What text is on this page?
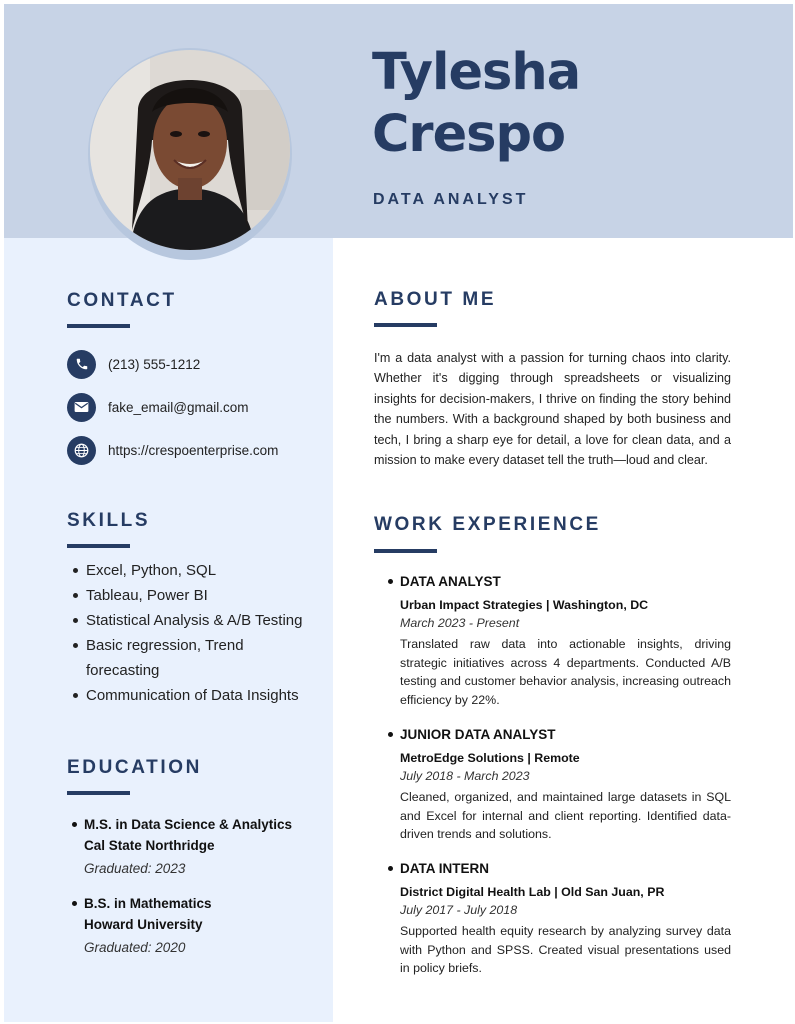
Tylesha
Crespo
DATA ANALYST
CONTACT
(213) 555-1212
fake_email@gmail.com
https://crespoenterprise.com
SKILLS
Excel, Python, SQL
Tableau, Power BI
Statistical Analysis & A/B Testing
Basic regression, Trend forecasting
Communication of Data Insights
EDUCATION
M.S. in Data Science & Analytics
Cal State Northridge
Graduated: 2023
B.S. in Mathematics
Howard University
Graduated: 2020
ABOUT ME
I'm a data analyst with a passion for turning chaos into clarity. Whether it's digging through spreadsheets or visualizing insights for decision-makers, I thrive on finding the story behind the numbers. With a background shaped by both business and tech, I bring a sharp eye for detail, a love for clean data, and a mission to make every dataset tell the truth—loud and clear.
WORK EXPERIENCE
DATA ANALYST
Urban Impact Strategies | Washington, DC
March 2023 - Present
Translated raw data into actionable insights, driving strategic initiatives across 4 departments. Conducted A/B testing and customer behavior analysis, increasing outreach efficiency by 22%.
JUNIOR DATA ANALYST
MetroEdge Solutions | Remote
July 2018 - March 2023
Cleaned, organized, and maintained large datasets in SQL and Excel for internal and client reporting. Identified data-driven trends and solutions.
DATA INTERN
District Digital Health Lab | Old San Juan, PR
July 2017 - July 2018
Supported health equity research by analyzing survey data with Python and SPSS. Created visual presentations used in policy briefs.
